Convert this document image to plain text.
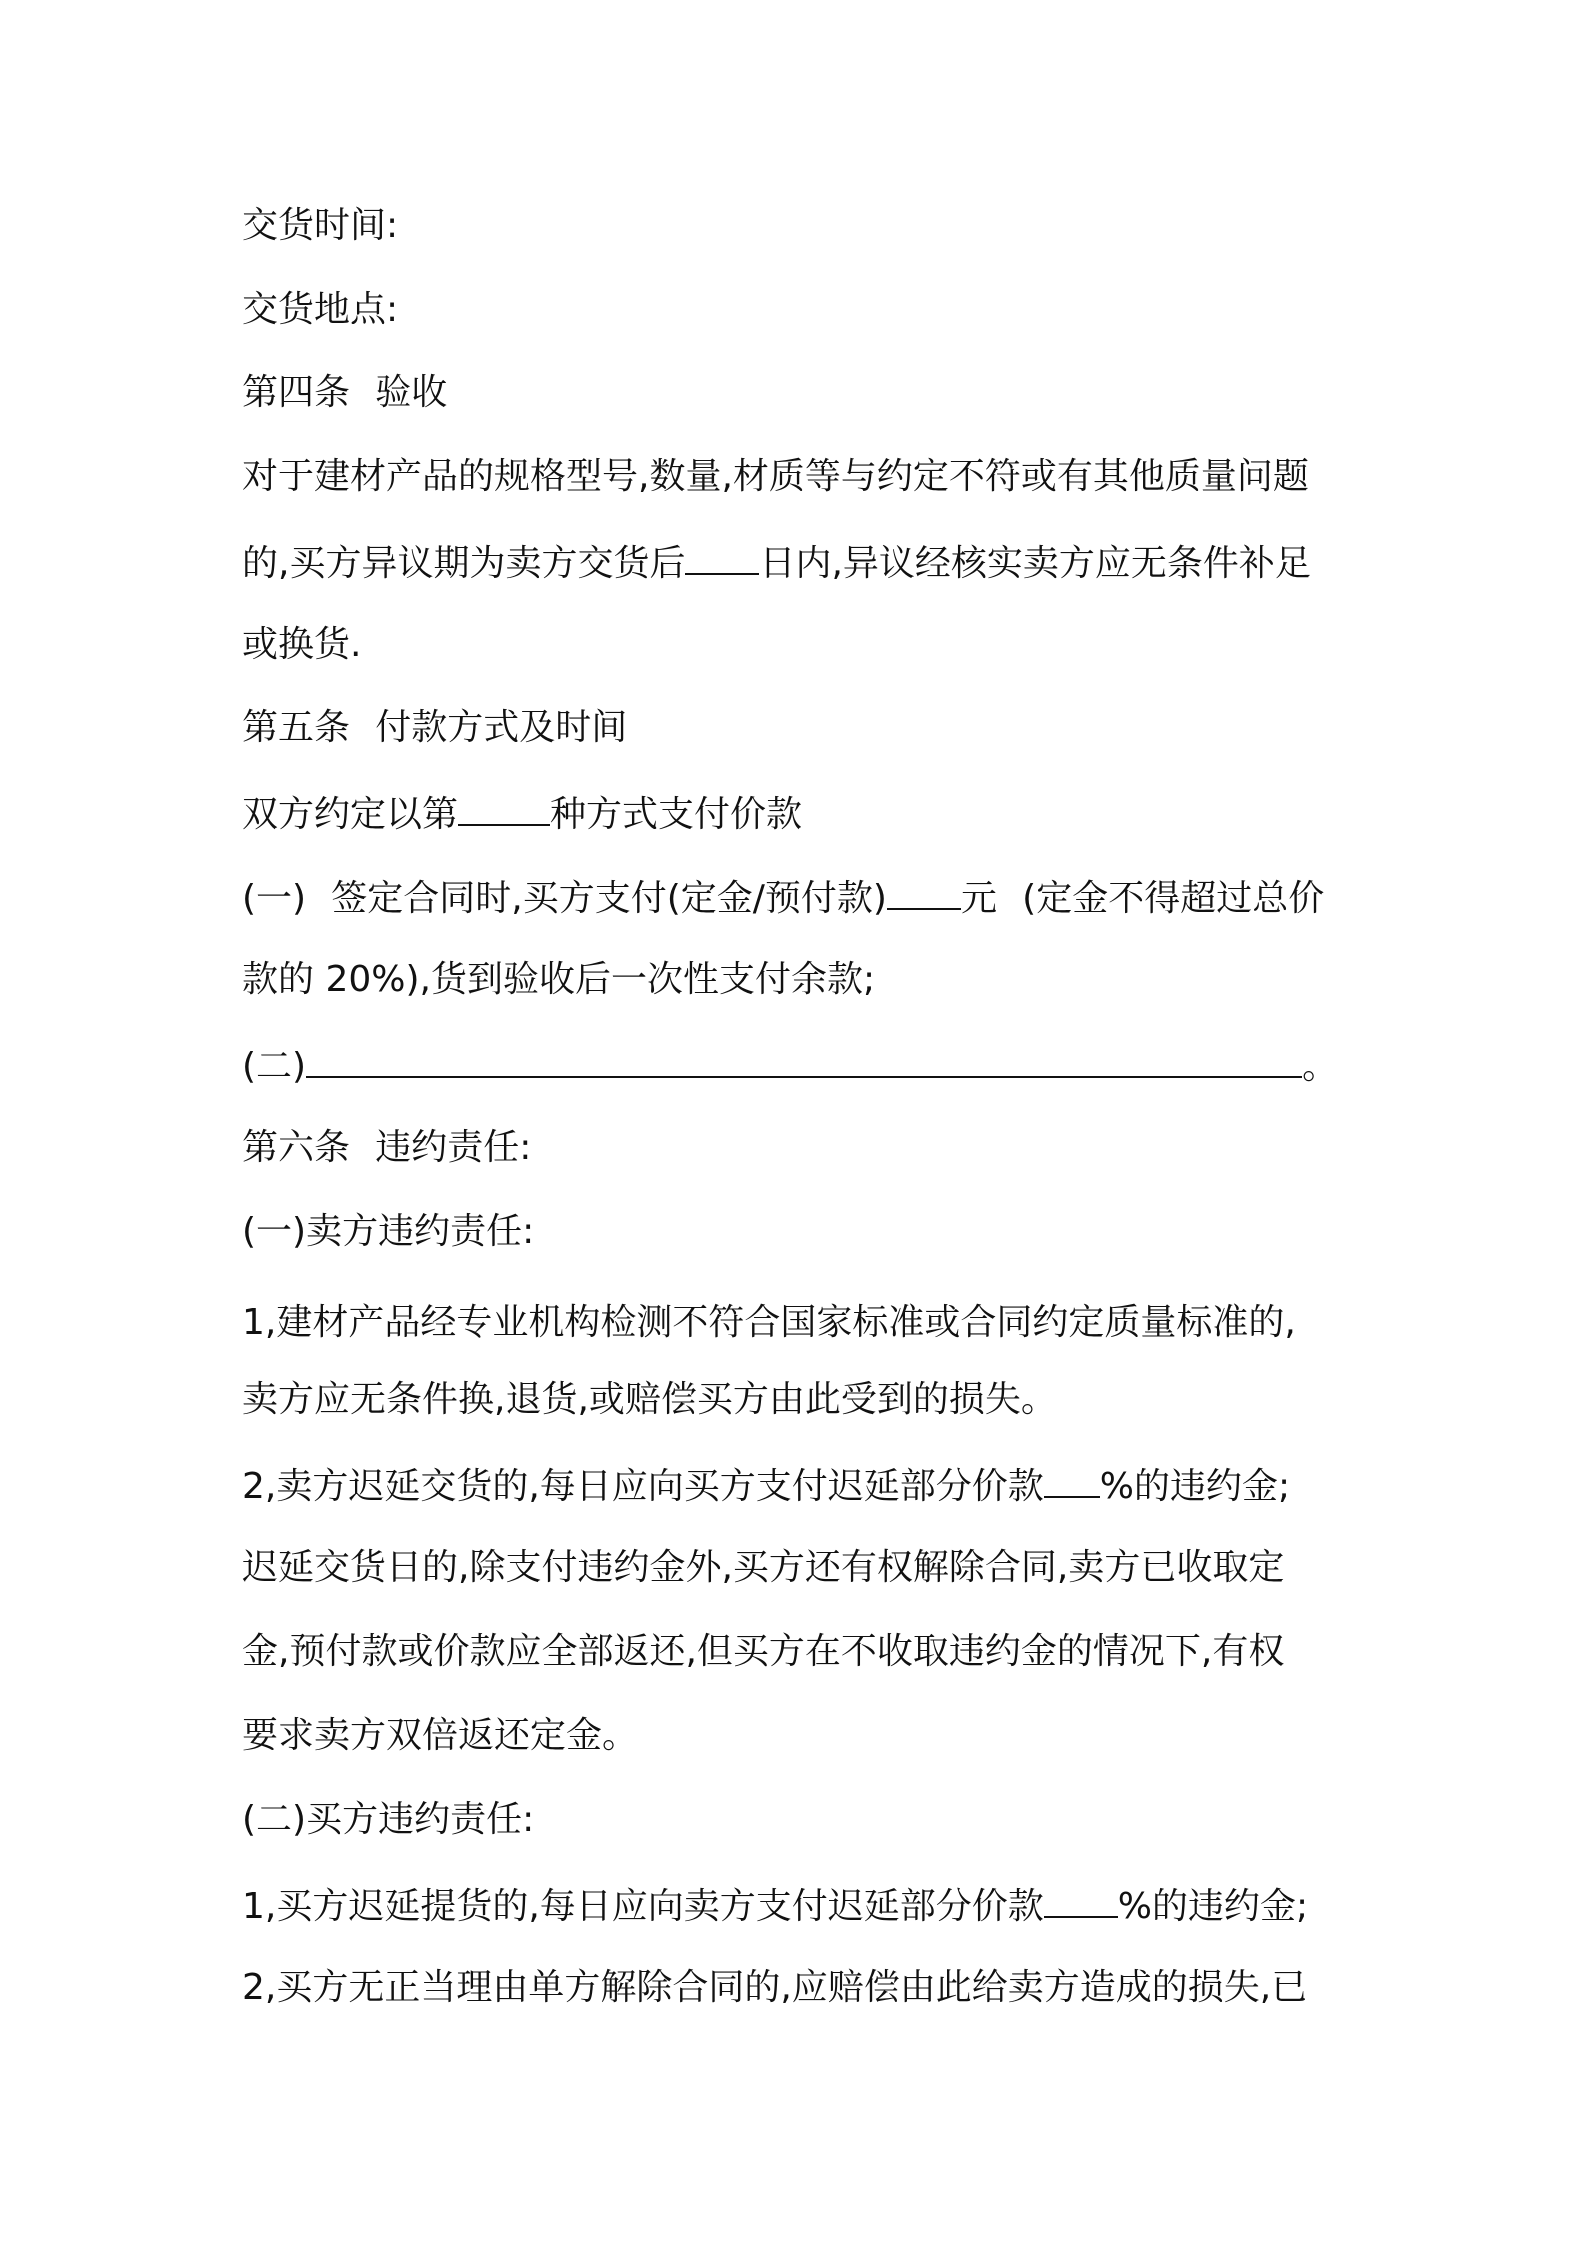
交货时间:
交货地点:
第四条 验收
对于建材产品的规格型号,数量,材质等与约定不符或有其他质量问题
的,买方异议期为卖方交货后 日内,异议经核实卖方应无条件补足
或换货.
第五条 付款方式及时间
双方约定以第	种方式支付价款
(一) 签定合同时,买方支付(定金/预付款) 元 (定金不得超过总价
款的 20%),货到验收后一次性支付余款;
(二)	。
第六条 违约责任:
(一)卖方违约责任:
1,建材产品经专业机构检测不符合国家标准或合同约定质量标准的,
卖方应无条件换,退货,或赔偿买方由此受到的损失。
2,卖方迟延交货的,每日应向买方支付迟延部分价款 %的违约金;
迟延交货日的,除支付违约金外,买方还有权解除合同,卖方已收取定
金,预付款或价款应全部返还,但买方在不收取违约金的情况下,有权
要求卖方双倍返还定金。
(二)买方违约责任:
1,买方迟延提货的,每日应向卖方支付迟延部分价款 %的违约金;
2,买方无正当理由单方解除合同的,应赔偿由此给卖方造成的损失,已
